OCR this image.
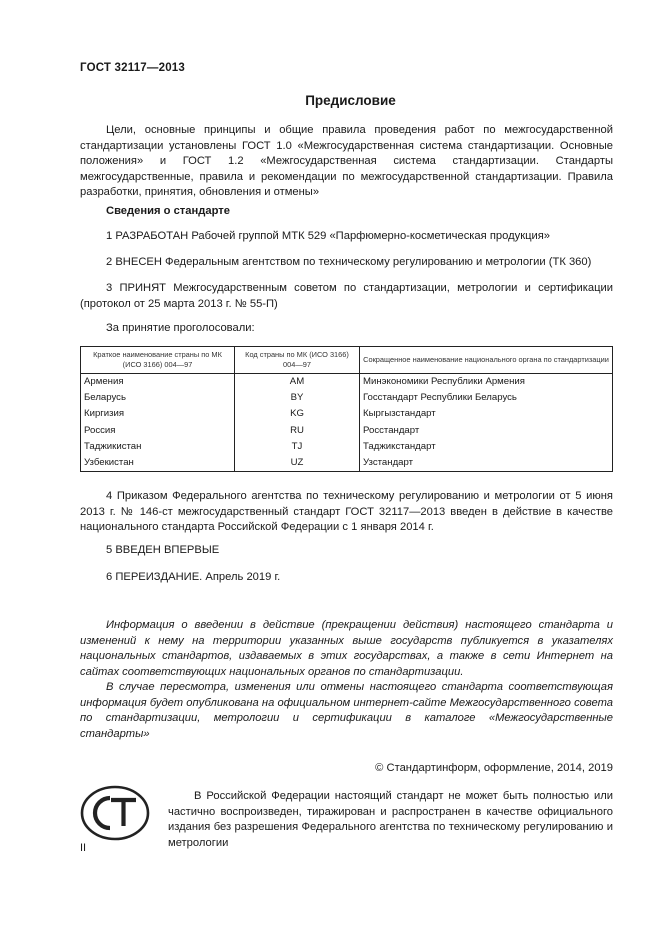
ГОСТ 32117—2013
Предисловие
Цели, основные принципы и общие правила проведения работ по межгосударственной стандартизации установлены ГОСТ 1.0 «Межгосударственная система стандартизации. Основные положения» и ГОСТ 1.2 «Межгосударственная система стандартизации. Стандарты межгосударственные, правила и рекомендации по межгосударственной стандартизации. Правила разработки, принятия, обновления и отмены»
Сведения о стандарте
1 РАЗРАБОТАН Рабочей группой МТК 529 «Парфюмерно-косметическая продукция»
2 ВНЕСЕН Федеральным агентством по техническому регулированию и метрологии (ТК 360)
3 ПРИНЯТ Межгосударственным советом по стандартизации, метрологии и сертификации (протокол от 25 марта 2013 г. № 55-П)
За принятие проголосовали:
Краткое наименование страны по МК (ИСО 3166) 004—97	Код страны по МК (ИСО 3166) 004—97	Сокращенное наименование национального органа по стандартизации
Армения	AM	Минэкономики Республики Армения
Беларусь	BY	Госстандарт Республики Беларусь
Киргизия	KG	Кыргызстандарт
Россия	RU	Росстандарт
Таджикистан	TJ	Таджикстандарт
Узбекистан	UZ	Узстандарт
4 Приказом Федерального агентства по техническому регулированию и метрологии от 5 июня 2013 г. № 146-ст межгосударственный стандарт ГОСТ 32117—2013 введен в действие в качестве национального стандарта Российской Федерации с 1 января 2014 г.
5 ВВЕДЕН ВПЕРВЫЕ
6 ПЕРЕИЗДАНИЕ. Апрель 2019 г.
Информация о введении в действие (прекращении действия) настоящего стандарта и изменений к нему на территории указанных выше государств публикуется в указателях национальных стандартов, издаваемых в этих государствах, а также в сети Интернет на сайтах соответствующих национальных органов по стандартизации.
В случае пересмотра, изменения или отмены настоящего стандарта соответствующая информация будет опубликована на официальном интернет-сайте Межгосударственного совета по стандартизации, метрологии и сертификации в каталоге «Межгосударственные стандарты»
© Стандартинформ, оформление, 2014, 2019
В Российской Федерации настоящий стандарт не может быть полностью или частично воспроизведен, тиражирован и распространен в качестве официального издания без разрешения Федерального агентства по техническому регулированию и метрологии
II
